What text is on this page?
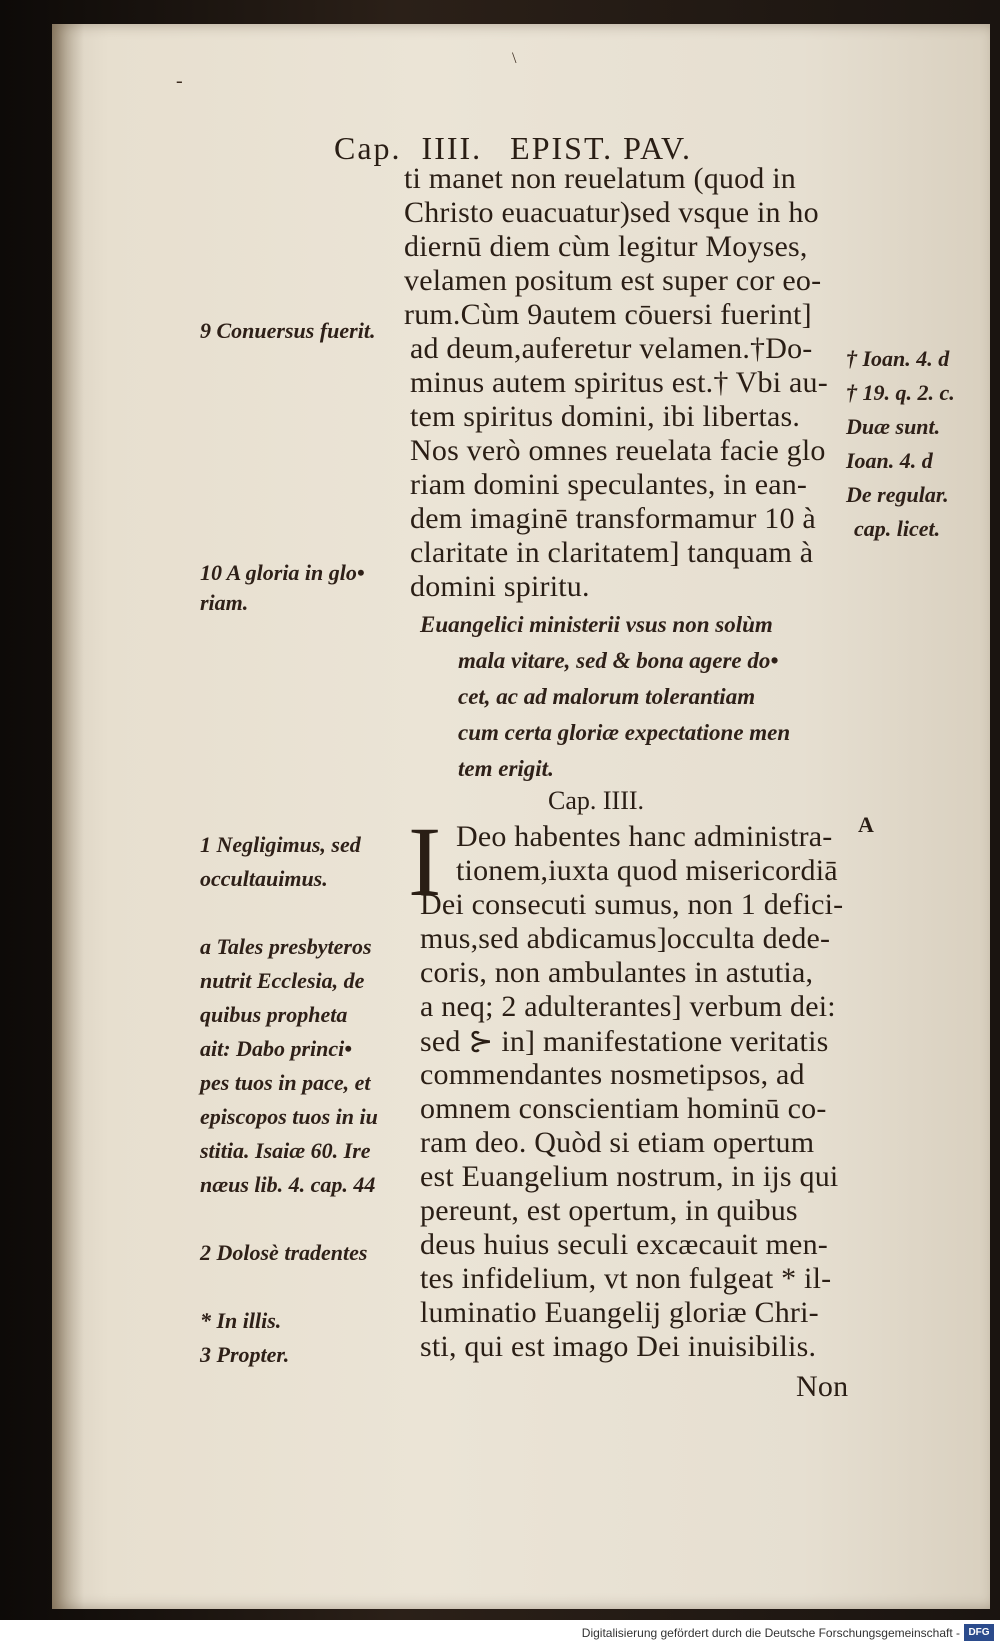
-
\
Cap. IIII. EPIST. PAV.
ti manet non reuelatum (quod in
Christo euacuatur)sed vsque in ho
diernū diem cùm legitur Moyses,
velamen positum est super cor eo-
rum.Cùm 9autem cōuersi fuerint]
ad deum,auferetur velamen.†Do-
minus autem spiritus est.† Vbi au-
tem spiritus domini, ibi libertas.
Nos verò omnes reuelata facie glo
riam domini speculantes, in ean-
dem imaginē transformamur 10 à
claritate in claritatem] tanquam à
domini spiritu.
Euangelici ministerii vsus non solùm
mala vitare, sed & bona agere do•
cet, ac ad malorum tolerantiam
cum certa gloriæ expectatione men
tem erigit.
Cap. IIII.
I	A
Deo habentes hanc administra-
tionem,iuxta quod misericordiā
Dei consecuti sumus, non 1 defici-
mus,sed abdicamus]occulta dede-
coris, non ambulantes in astutia,
a neq; 2 adulterantes] verbum dei:
sed ⊱ in] manifestatione veritatis
commendantes nosmetipsos, ad
omnem conscientiam hominū co-
ram deo. Quòd si etiam opertum
est Euangelium nostrum, in ijs qui
pereunt, est opertum, in quibus
deus huius seculi excæcauit men-
tes infidelium, vt non fulgeat * il-
luminatio Euangelij gloriæ Chri-
sti, qui est imago Dei inuisibilis.
Non
9 Conuersus fuerit.
10 A gloria in glo•
riam.
1 Negligimus, sed
occultauimus.
a Tales presbyteros
nutrit Ecclesia, de
quibus propheta
ait: Dabo princi•
pes tuos in pace, et
episcopos tuos in iu
stitia. Isaiæ 60. Ire
næus lib. 4. cap. 44
2 Dolosè tradentes
* In illis.
3 Propter.
† Ioan. 4. d
† 19. q. 2. c.
Duæ sunt.
Ioan. 4. d
De regular.
cap. licet.
Digitalisierung gefördert durch die Deutsche Forschungsgemeinschaft - DFG
